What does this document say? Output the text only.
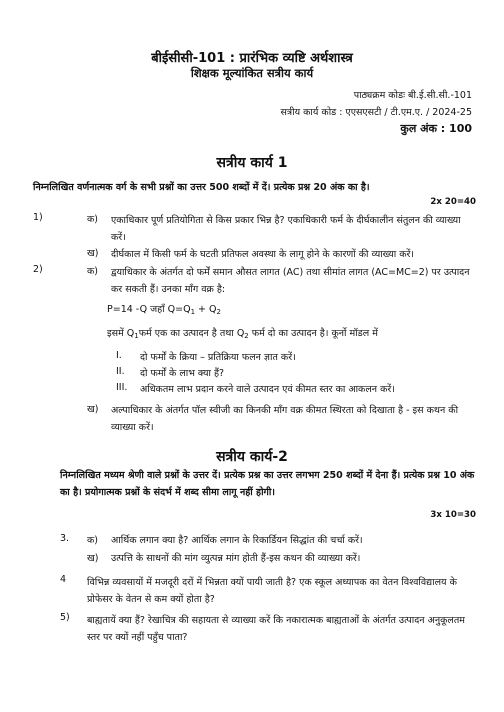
बीईसीसी-101 : प्रारंभिक व्यष्टि अर्थशास्त्र
शिक्षक मूल्यांकित सत्रीय कार्य
पाठ्यक्रम कोडः बी.ई.सी.सी.-101
सत्रीय कार्य कोड : एएसएसटी / टी.एम.ए. / 2024-25
कुल अंक : 100
सत्रीय कार्य 1
निम्नलिखित वर्णनात्मक वर्ग के सभी प्रश्नों का उत्तर 500 शब्दों में दें। प्रत्येक प्रश्न 20 अंक का है।
2x 20=40
1)	क) एकाधिकार पूर्ण प्रतियोगिता से किस प्रकार भिन्न है? एकाधिकारी फर्म के दीर्घकालीन संतुलन की व्याख्या करें।
ख) दीर्घकाल में किसी फर्म के घटती प्रतिफल अवस्था के लागू होने के कारणों की व्याख्या करें।
2)	क) द्वयाधिकार के अंतर्गत दो फर्में समान औसत लागत (AC) तथा सीमांत लागत (AC=MC=2) पर उत्पादन कर सकती हैं। उनका माँग वक्र है:
P=14 -Q जहाँ $Q=Q_1 + Q_2$
इसमें $Q_1फर्म$ एक का उत्पादन है तथा $Q_2$ फर्म दो का उत्पादन है। कूर्नो मॉडल में
I. दो फर्मों के क्रिया – प्रतिक्रिया फलन ज्ञात करें।
II. दो फर्मों के लाभ क्या हैं?
III. अधिकतम लाभ प्रदान करने वाले उत्पादन एवं कीमत स्तर का आकलन करें।
ख) अल्पाधिकार के अंतर्गत पॉल स्वीजी का किनकी माँग वक्र कीमत स्थिरता को दिखाता है - इस कथन की व्याख्या करें।
सत्रीय कार्य-2
निम्नलिखित मध्यम श्रेणी वाले प्रश्नों के उत्तर दें। प्रत्येक प्रश्न का उत्तर लगभग 250 शब्दों में देना हैं। प्रत्येक प्रश्न 10 अंक का है। प्रयोगात्मक प्रश्नों के संदर्भ में शब्द सीमा लागू नहीं होगी।
3x 10=30
3. क) आर्थिक लगान क्या है? आर्थिक लगान के रिकार्डियन सिद्धांत की चर्चा करें।
ख) उत्पत्ति के साधनों की मांग व्युत्पन्न मांग होती हैं-इस कथन की व्याख्या करें।
4 विभिन्न व्यवसायों में मजदूरी दरों में भिन्नता क्यों पायी जाती है? एक स्कूल अध्यापक का वेतन विश्वविद्यालय के प्रोफेसर के वेतन से कम क्यों होता है?
5) बाह्यतायें क्या हैं? रेखाचित्र की सहायता से व्याख्या करें कि नकारात्मक बाह्यताओं के अंतर्गत उत्पादन अनुकूलतम स्तर पर क्यों नहीं पहुँच पाता?
